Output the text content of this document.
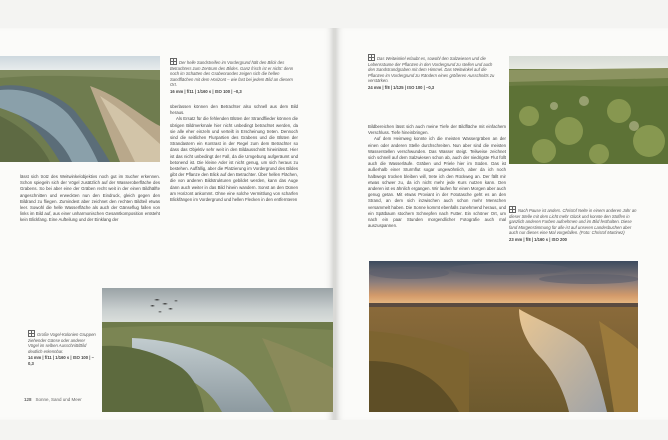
Der helle Sandstreifen im Vordergrund hält den Blick des Betrachters zum Zentrum des Bildes. Ganz frisch ist er nicht: denn noch im Schatten des Grabenrandes zeigen sich die hellen Sandflächen mit dem Horizont – wie fast bei jedem Bild an diesem Ort.
16 mm | f/11 | 1/160 s | ISO 100 | –0,3

lässt sich trotz des Weitwinkelobjektivs noch gut im Sucher erkennen. Schon spiegeln sich der Vögel zusätzlich auf der Wasseroberfläche des Grabens. So bei aber eine der Gräben recht weit in der einen Bildhälfte angeschnitten und erweckten nun den Eindruck, gleich gegen den Bildrand zu fliegen. Zumindest aber zeichnet den rechten Bildteil etwas leer. Sowohl die helle Wasserfläche als auch der Gänseflug fallen von links im Bild auf, aus einer unharmonischen Gesamtkomposition entsteht kein Blickfang. Eine Aufteilung und der Einklang der

überlassen können den Betrachter also schnell aus dem Bild heraus.

Als Ersatz für die fehlenden Blüten der Strandflieder können die übrigen Bildmerkmale hier nicht unbedingt betrachtet werden, da sie alle eher einzeln und verteilt in Erscheinung treten. Dennoch sind die seitlichen Flurpartien des Grabens und die Blüten der Strandastern ein Kontrast in der Regel zum dem Betrachter so dass das Objektiv sehr weit in den Bildausschnitt hineinlässt. Hier ist das nicht unbedingt der Fall, da die Umgebung aufgeräumt und betonend ist. Die kleine Ader ist nicht genug, um sich heraus zu bestehen. Auffällig, aber die Platzierung im Vordergrund des Bildes gibt der Pflanze den Blick auf den Betrachter. Über hellen Flächen, die von anderen Bildstrukturen gebildet werden, kann das Auge dann auch weiter in das Bild hinein wandern. Sonst an den Dünen am Horizont ankommt. Ohne eine solche Vermittlung von scharfen Blickfängen im Vordergrund und hellen Flecken in den entfernteren

Große Vogel-Kolonien Gruppen ziehender Gänse oder anderer Vögel im selben Ausschnitt/Bild deutlich erkennbar.
14 mm | f/11 | 1/160 s | ISO 100 | –0,3
128 Sonne, Sand und Meer
Das Weitwinkel erlaubt es, sowohl den Salzwiesen und die Lebensräume der Pflanzen in den Vordergrund zu stellen und auch den Sandstrandgraben mit dem Himmel. Das Weitwinkel auf die Pflanzen im Vordergrund zu Rändern eines größeren Ausschnitts zu verstärken.
24 mm | f/8 | 1/125 | ISO 100 | –0,3

Bildbereichen lässt sich auch meine Tiefe der Bildfläche mit einfachem Verschluss. Tiefe hineinbringen.

Auf dem Heimweg konnte ich die meisten Wassergräben an der einen oder anderen Stelle durchschreiten. Nun aber sind die meisten Wasserstellen verschwunden. Das Wasser steigt. Teilweise zeichnet sich schnell auf dem Salzwiesen schon ab, auch der niedrigste Flut füllt auch die Wasserläufe. Gräben und Priele hier im Süden. Das ist außerhalb einer Sturmflut sogar ungewöhnlich, aber da ich noch halbwegs trocken bleiben will, trete ich den Rückweg an. Der fällt mir etwas schwer zu, da ich nicht mehr jede Kurs nutzen kann. Den anderen ist es ähnlich ergangen. Wir laufen für einen Morgen aber auch genug getan. Mit etwas Proviant in der Fototasche geht es an den Strand, an dem sich inzwischen auch schon mehr Menschen versammelt haben. Die Sonne kommt ebenfalls zunehmend heraus, und ein Spätbaum stochern Schnepfen nach Futter. Ein schöner Ort, um nach ein paar Stunden morgendlicher Fotografie auch mal auszuspannen.

Nach Pause ist anders. Christof Nelte in einem anderen Jahr an dieser Stelle mit dem Licht mehr Glück und konnte den Stoffen in ganzlich anderen Farben aufnehmen und im Bild festhalten. Diese fand Morgenstimmung für alle ist auf unseren Landesbuchen aber auch nur dieses eine Mal vorgefallen. (Foto: Christof Martinez)
23 mm | f/8 | 1/160 s | ISO 200
